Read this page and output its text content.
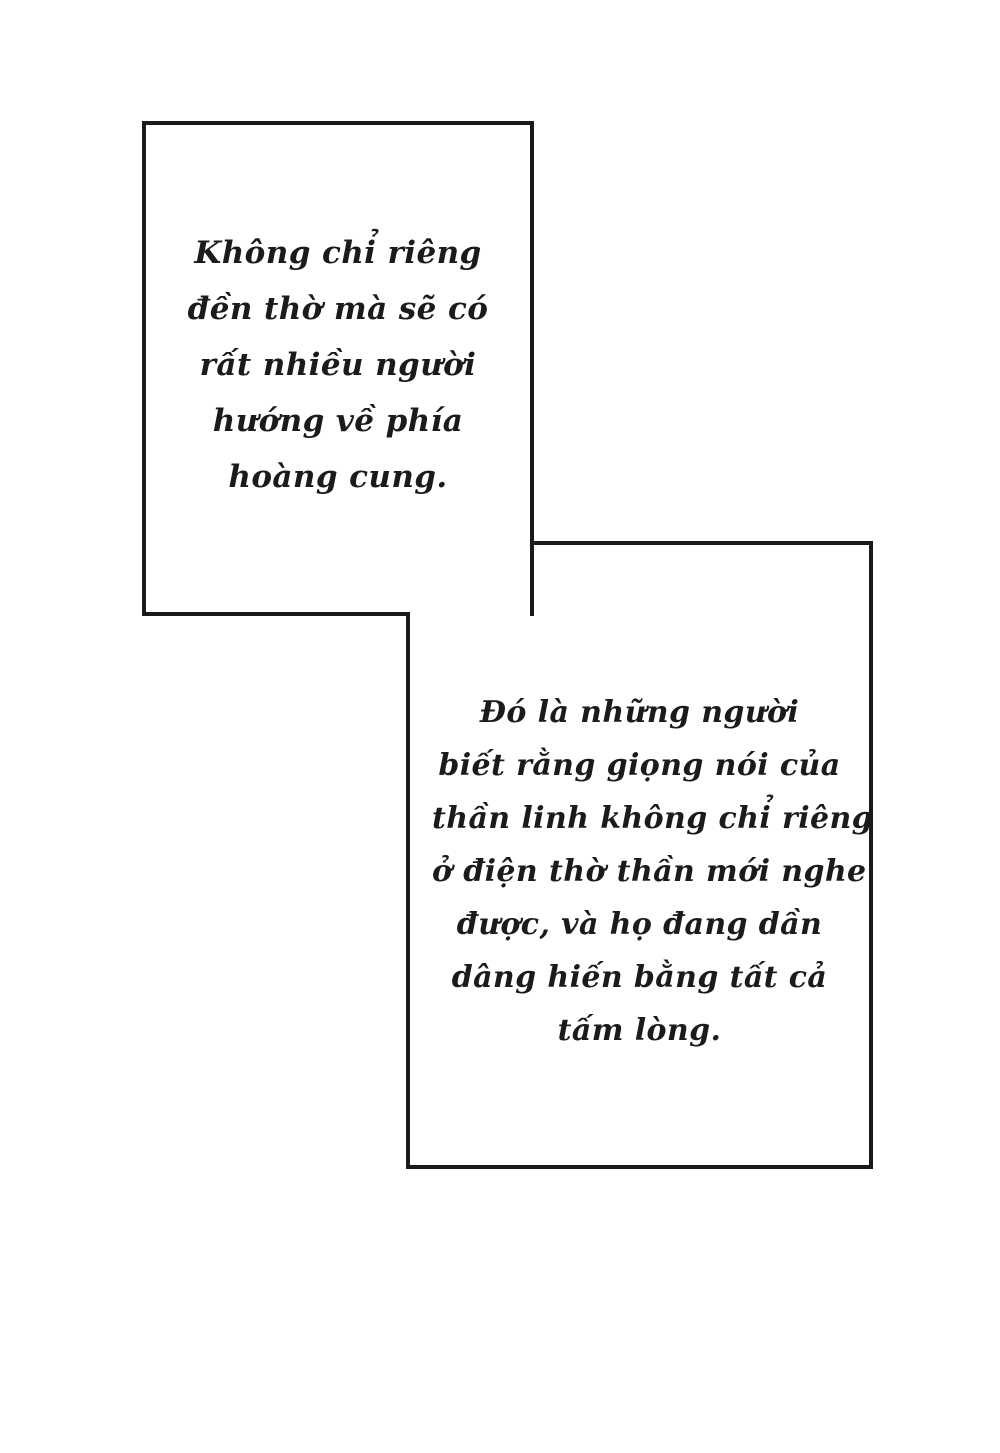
Không chỉ riêng
đền thờ mà sẽ có
rất nhiều người
hướng về phía
hoàng cung.
Đó là những người
biết rằng giọng nói của
thần linh không chỉ riêng
ở điện thờ thần mới nghe
được, và họ đang dần
dâng hiến bằng tất cả
tấm lòng.
